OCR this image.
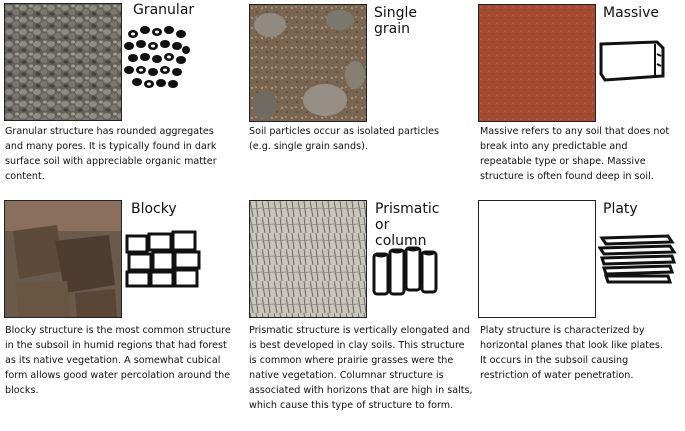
Granular
Granular structure has rounded aggregates and many pores. It is typically found in dark surface soil with appreciable organic matter content.
Single grain
Soil particles occur as isolated particles (e.g. single grain sands).
Massive
Massive refers to any soil that does not break into any predictable and repeatable type or shape. Massive structure is often found deep in soil.
Blocky
Blocky structure is the most common structure in the subsoil in humid regions that had forest as its native vegetation. A somewhat cubical form allows good water percolation around the blocks.
Prismatic
or column
Prismatic structure is vertically elongated and is best developed in clay soils. This structure is common where prairie grasses were the native vegetation. Columnar structure is associated with horizons that are high in salts, which cause this type of structure to form.
Platy
Platy structure is characterized by horizontal planes that look like plates. It occurs in the subsoil causing restriction of water penetration.
